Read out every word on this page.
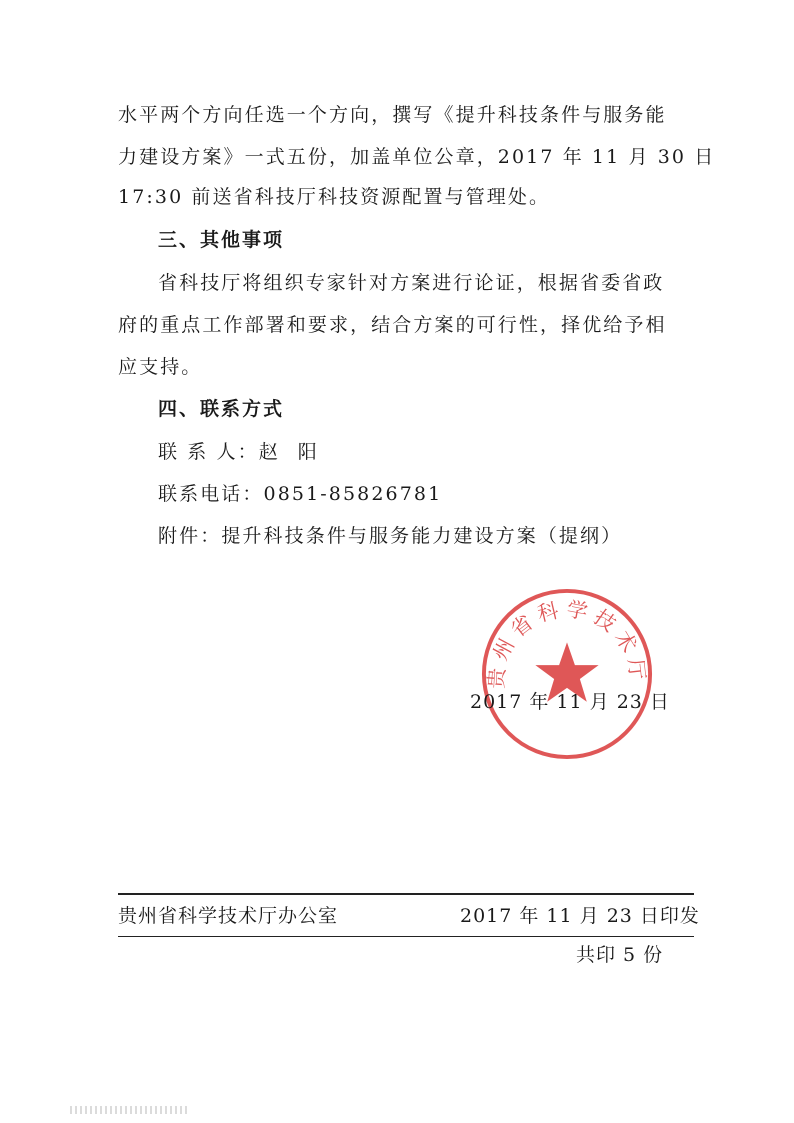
水平两个方向任选一个方向，撰写《提升科技条件与服务能
力建设方案》一式五份，加盖单位公章，2017 年 11 月 30 日
17:30 前送省科技厅科技资源配置与管理处。
三、其他事项
省科技厅将组织专家针对方案进行论证，根据省委省政
府的重点工作部署和要求，结合方案的可行性，择优给予相
应支持。
四、联系方式
联 系 人：赵 阳
联系电话：0851-85826781
附件：提升科技条件与服务能力建设方案（提纲）
贵州省科学技术厅
2017 年 11 月 23 日
贵州省科学技术厅办公室	2017 年 11 月 23 日印发
共印 5 份
